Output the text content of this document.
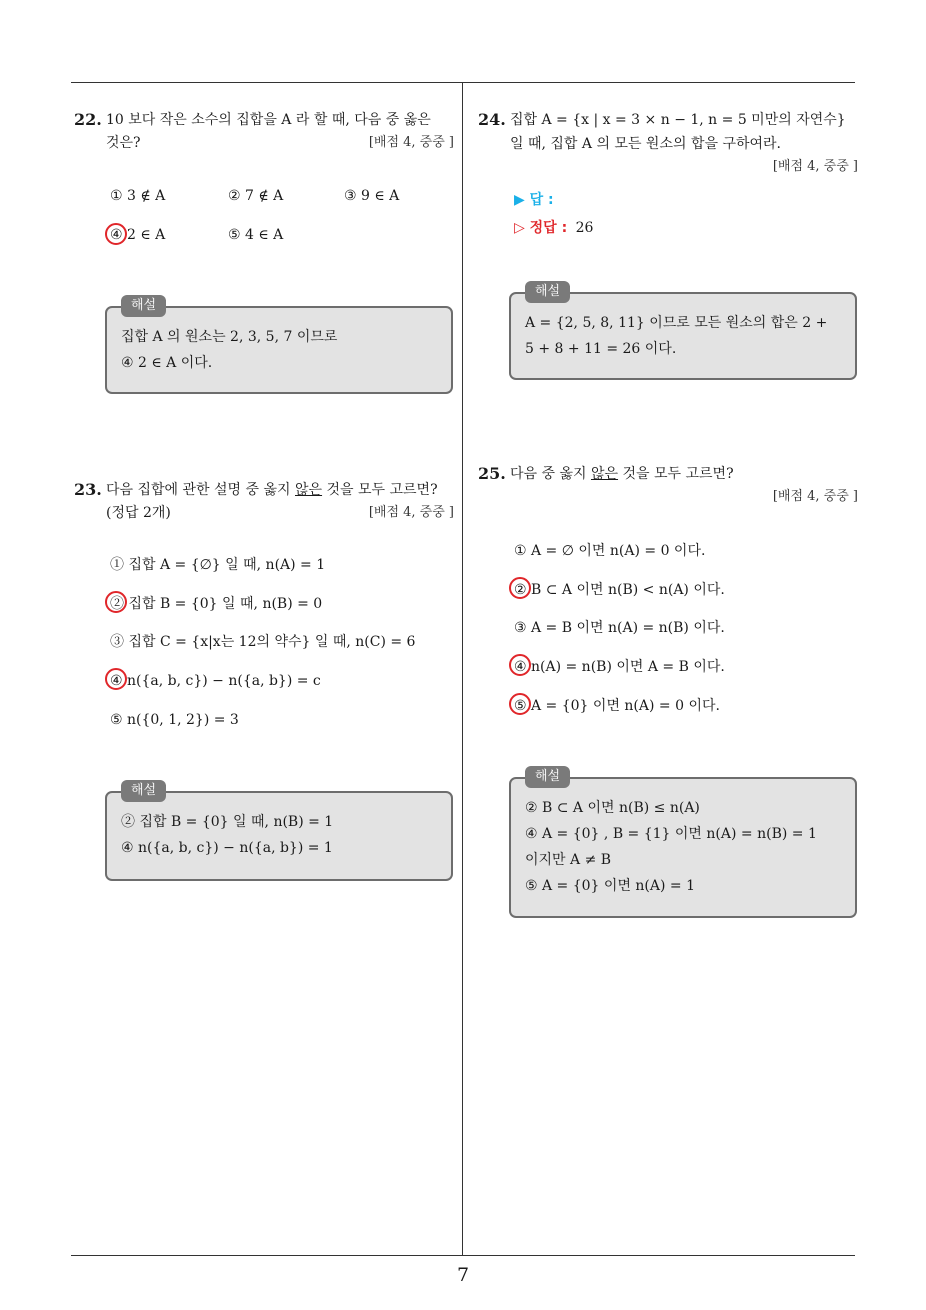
7
22. 10 보다 작은 소수의 집합을 A 라 할 때, 다음 중 옳은
것은?	[배점 4, 중중 ]
① 3 ∉ A	② 7 ∉ A	③ 9 ∈ A
④ 2 ∈ A	⑤ 4 ∈ A
해설
집합 A 의 원소는 2, 3, 5, 7 이므로
④ 2 ∈ A 이다.
23. 다음 집합에 관한 설명 중 옳지 않은 것을 모두 고르면?
(정답 2개)	[배점 4, 중중 ]
① 집합 A = {∅} 일 때, n(A) = 1
② 집합 B = {0} 일 때, n(B) = 0
③ 집합 C = {x|x는 12의 약수} 일 때, n(C) = 6
④ n({a, b, c}) − n({a, b}) = c
⑤ n({0, 1, 2}) = 3
해설
② 집합 B = {0} 일 때, n(B) = 1
④ n({a, b, c}) − n({a, b}) = 1
24. 집합 A = {x | x = 3 × n − 1, n = 5 미만의 자연수}
일 때, 집합 A 의 모든 원소의 합을 구하여라.
[배점 4, 중중 ]
▶ 답 :
▷ 정답 : 26
해설
A = {2, 5, 8, 11} 이므로 모든 원소의 합은 2 +
5 + 8 + 11 = 26 이다.
25. 다음 중 옳지 않은 것을 모두 고르면?
[배점 4, 중중 ]
① A = ∅ 이면 n(A) = 0 이다.
② B ⊂ A 이면 n(B) < n(A) 이다.
③ A = B 이면 n(A) = n(B) 이다.
④ n(A) = n(B) 이면 A = B 이다.
⑤ A = {0} 이면 n(A) = 0 이다.
해설
② B ⊂ A 이면 n(B) ≤ n(A)
④ A = {0} , B = {1} 이면 n(A) = n(B) = 1
이지만 A ≠ B
⑤ A = {0} 이면 n(A) = 1
